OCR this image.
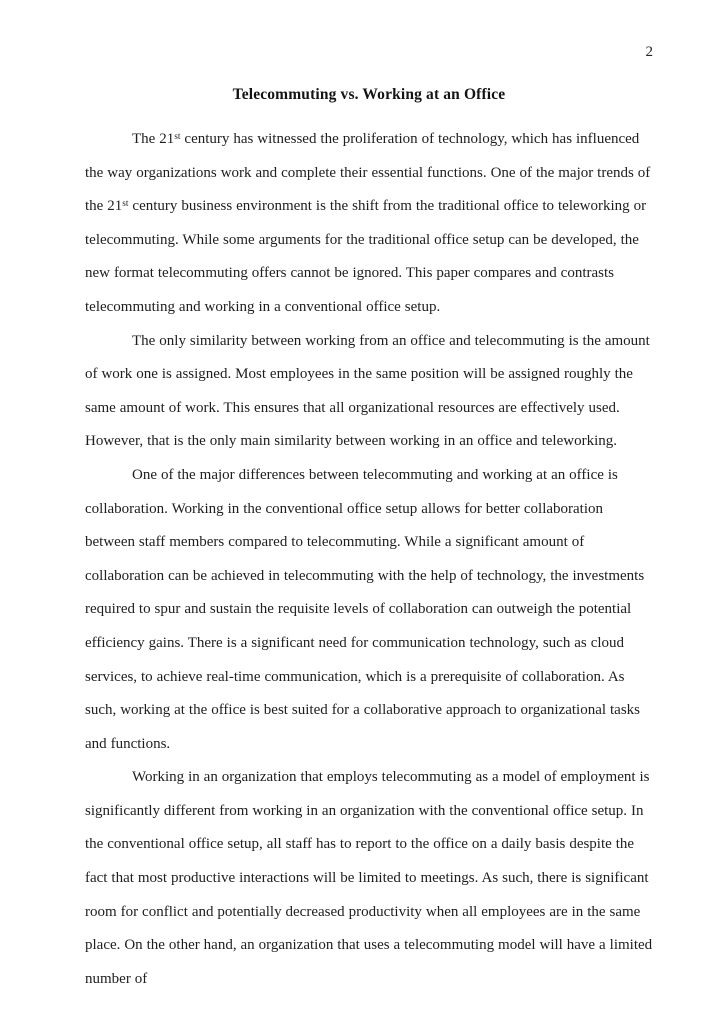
2
Telecommuting vs. Working at an Office

The 21st century has witnessed the proliferation of technology, which has influenced the way organizations work and complete their essential functions. One of the major trends of the 21st century business environment is the shift from the traditional office to teleworking or telecommuting. While some arguments for the traditional office setup can be developed, the new format telecommuting offers cannot be ignored. This paper compares and contrasts telecommuting and working in a conventional office setup.

The only similarity between working from an office and telecommuting is the amount of work one is assigned. Most employees in the same position will be assigned roughly the same amount of work. This ensures that all organizational resources are effectively used. However, that is the only main similarity between working in an office and teleworking.

One of the major differences between telecommuting and working at an office is collaboration. Working in the conventional office setup allows for better collaboration between staff members compared to telecommuting. While a significant amount of collaboration can be achieved in telecommuting with the help of technology, the investments required to spur and sustain the requisite levels of collaboration can outweigh the potential efficiency gains. There is a significant need for communication technology, such as cloud services, to achieve real-time communication, which is a prerequisite of collaboration. As such, working at the office is best suited for a collaborative approach to organizational tasks and functions.

Working in an organization that employs telecommuting as a model of employment is significantly different from working in an organization with the conventional office setup. In the conventional office setup, all staff has to report to the office on a daily basis despite the fact that most productive interactions will be limited to meetings. As such, there is significant room for conflict and potentially decreased productivity when all employees are in the same place. On the other hand, an organization that uses a telecommuting model will have a limited number of
